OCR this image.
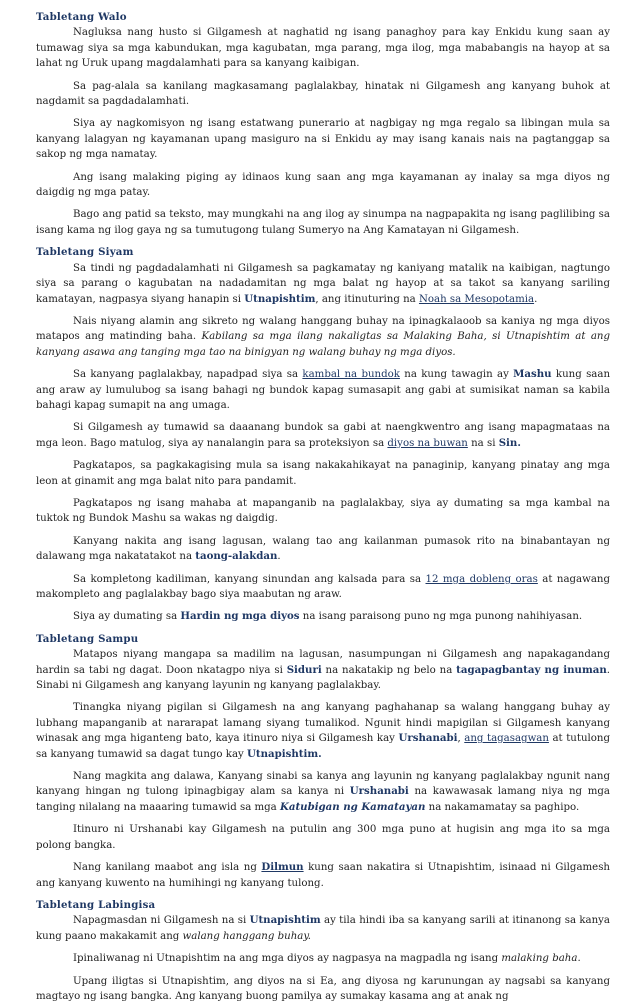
Tabletang Walo

Nagluksa nang husto si Gilgamesh at naghatid ng isang panaghoy para kay Enkidu kung saan ay tumawag siya sa mga kabundukan, mga kagubatan, mga parang, mga ilog, mga mababangis na hayop at sa lahat ng Uruk upang magdalamhati para sa kanyang kaibigan.

Sa pag-alala sa kanilang magkasamang paglalakbay, hinatak ni Gilgamesh ang kanyang buhok at nagdamit sa pagdadalamhati.

Siya ay nagkomisyon ng isang estatwang punerario at nagbigay ng mga regalo sa libingan mula sa kanyang lalagyan ng kayamanan upang masiguro na si Enkidu ay may isang kanais nais na pagtanggap sa sakop ng mga namatay.

Ang isang malaking piging ay idinaos kung saan ang mga kayamanan ay inalay sa mga diyos ng daigdig ng mga patay.

Bago ang patid sa teksto, may mungkahi na ang ilog ay sinumpa na nagpapakita ng isang paglilibing sa isang kama ng ilog gaya ng sa tumutugong tulang Sumeryo na Ang Kamatayan ni Gilgamesh.

Tabletang Siyam

Sa tindi ng pagdadalamhati ni Gilgamesh sa pagkamatay ng kaniyang matalik na kaibigan, nagtungo siya sa parang o kagubatan na nadadamitan ng mga balat ng hayop at sa takot sa kanyang sariling kamatayan, nagpasya siyang hanapin si Utnapishtim, ang itinuturing na Noah sa Mesopotamia.

Nais niyang alamin ang sikreto ng walang hanggang buhay na ipinagkalaoob sa kaniya ng mga diyos matapos ang matinding baha. Kabilang sa mga ilang nakaligtas sa Malaking Baha, si Utnapishtim at ang kanyang asawa ang tanging mga tao na binigyan ng walang buhay ng mga diyos.

Sa kanyang paglalakbay, napadpad siya sa kambal na bundok na kung tawagin ay Mashu kung saan ang araw ay lumulubog sa isang bahagi ng bundok kapag sumasapit ang gabi at sumisikat naman sa kabila bahagi kapag sumapit na ang umaga.

Si Gilgamesh ay tumawid sa daaanang bundok sa gabi at naengkwentro ang isang mapagmataas na mga leon. Bago matulog, siya ay nanalangin para sa proteksiyon sa diyos na buwan na si Sin.

Pagkatapos, sa pagkakagising mula sa isang nakakahikayat na panaginip, kanyang pinatay ang mga leon at ginamit ang mga balat nito para pandamit.

Pagkatapos ng isang mahaba at mapanganib na paglalakbay, siya ay dumating sa mga kambal na tuktok ng Bundok Mashu sa wakas ng daigdig.

Kanyang nakita ang isang lagusan, walang tao ang kailanman pumasok rito na binabantayan ng dalawang mga nakatatakot na taong-alakdan.

Sa kompletong kadiliman, kanyang sinundan ang kalsada para sa 12 mga dobleng oras at nagawang makompleto ang paglalakbay bago siya maabutan ng araw.

Siya ay dumating sa Hardin ng mga diyos na isang paraisong puno ng mga punong nahihiyasan.

Tabletang Sampu

Matapos niyang mangapa sa madilim na lagusan, nasumpungan ni Gilgamesh ang napakagandang hardin sa tabi ng dagat. Doon nkatagpo niya si Siduri na nakatakip ng belo na tagapagbantay ng inuman. Sinabi ni Gilgamesh ang kanyang layunin ng kanyang paglalakbay.

Tinangka niyang pigilan si Gilgamesh na ang kanyang paghahanap sa walang hanggang buhay ay lubhang mapanganib at nararapat lamang siyang tumalikod. Ngunit hindi mapigilan si Gilgamesh kanyang winasak ang mga higanteng bato, kaya itinuro niya si Gilgamesh kay Urshanabi, ang tagasagwan at tutulong sa kanyang tumawid sa dagat tungo kay Utnapishtim.

Nang magkita ang dalawa, Kanyang sinabi sa kanya ang layunin ng kanyang paglalakbay ngunit nang kanyang hingan ng tulong ipinagbigay alam sa kanya ni Urshanabi na kawawasak lamang niya ng mga tanging nilalang na maaaring tumawid sa mga Katubigan ng Kamatayan na nakamamatay sa paghipo.

Itinuro ni Urshanabi kay Gilgamesh na putulin ang 300 mga puno at hugisin ang mga ito sa mga polong bangka.

Nang kanilang maabot ang isla ng Dilmun kung saan nakatira si Utnapishtim, isinaad ni Gilgamesh ang kanyang kuwento na humihingi ng kanyang tulong.

Tabletang Labingisa

Napagmasdan ni Gilgamesh na si Utnapishtim ay tila hindi iba sa kanyang sarili at itinanong sa kanya kung paano makakamit ang walang hanggang buhay.

Ipinaliwanag ni Utnapishtim na ang mga diyos ay nagpasya na magpadla ng isang malaking baha.

Upang iligtas si Utnapishtim, ang diyos na si Ea, ang diyosa ng karunungan ay nagsabi sa kanyang magtayo ng isang bangka. Ang kanyang buong pamilya ay sumakay kasama ang at anak ng
